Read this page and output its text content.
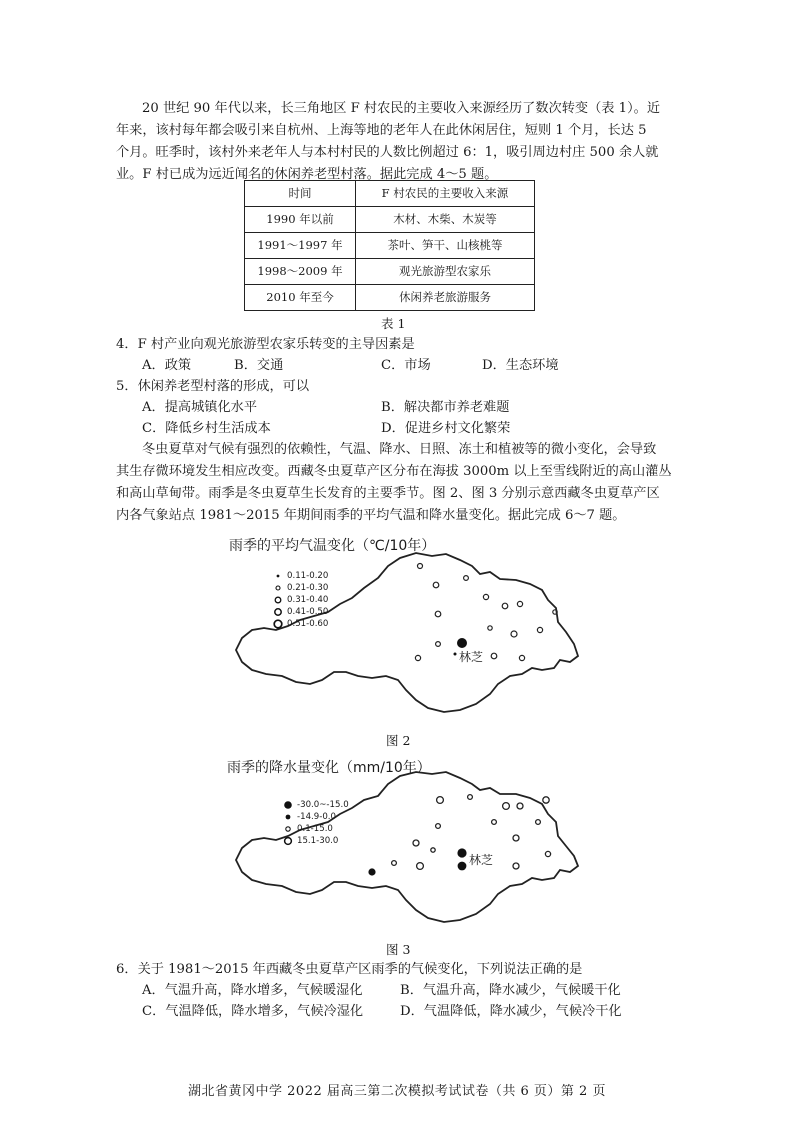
20 世纪 90 年代以来，长三角地区 F 村农民的主要收入来源经历了数次转变（表 1）。近
年来，该村每年都会吸引来自杭州、上海等地的老年人在此休闲居住，短则 1 个月，长达 5
个月。旺季时，该村外来老年人与本村村民的人数比例超过 6：1，吸引周边村庄 500 余人就
业。F 村已成为远近闻名的休闲养老型村落。据此完成 4～5 题。
时间	F 村农民的主要收入来源
1990 年以前	木材、木柴、木炭等
1991～1997 年	茶叶、笋干、山核桃等
1998～2009 年	观光旅游型农家乐
2010 年至今	休闲养老旅游服务
表 1
4．F 村产业向观光旅游型农家乐转变的主导因素是
A．政策	B．交通	C．市场	D．生态环境
5．休闲养老型村落的形成，可以
A．提高城镇化水平	B．解决都市养老难题
C．降低乡村生活成本	D．促进乡村文化繁荣
冬虫夏草对气候有强烈的依赖性，气温、降水、日照、冻土和植被等的微小变化，会导致
其生存微环境发生相应改变。西藏冬虫夏草产区分布在海拔 3000m 以上至雪线附近的高山灌丛
和高山草甸带。雨季是冬虫夏草生长发育的主要季节。图 2、图 3 分别示意西藏冬虫夏草产区
内各气象站点 1981～2015 年期间雨季的平均气温和降水量变化。据此完成 6～7 题。
雨季的平均气温变化（℃/10年）
0.11-0.20
0.21-0.30
0.31-0.40
0.41-0.50
0.51-0.60
林芝
图 2
雨季的降水量变化（mm/10年）
-30.0~-15.0
-14.9-0.0
0.1-15.0
15.1-30.0
林芝
图 3
6．关于 1981～2015 年西藏冬虫夏草产区雨季的气候变化，下列说法正确的是
A．气温升高，降水增多，气候暖湿化	B．气温升高，降水减少，气候暖干化
C．气温降低，降水增多，气候冷湿化	D．气温降低，降水减少，气候冷干化
湖北省黄冈中学 2022 届高三第二次模拟考试试卷（共 6 页）第 2 页
